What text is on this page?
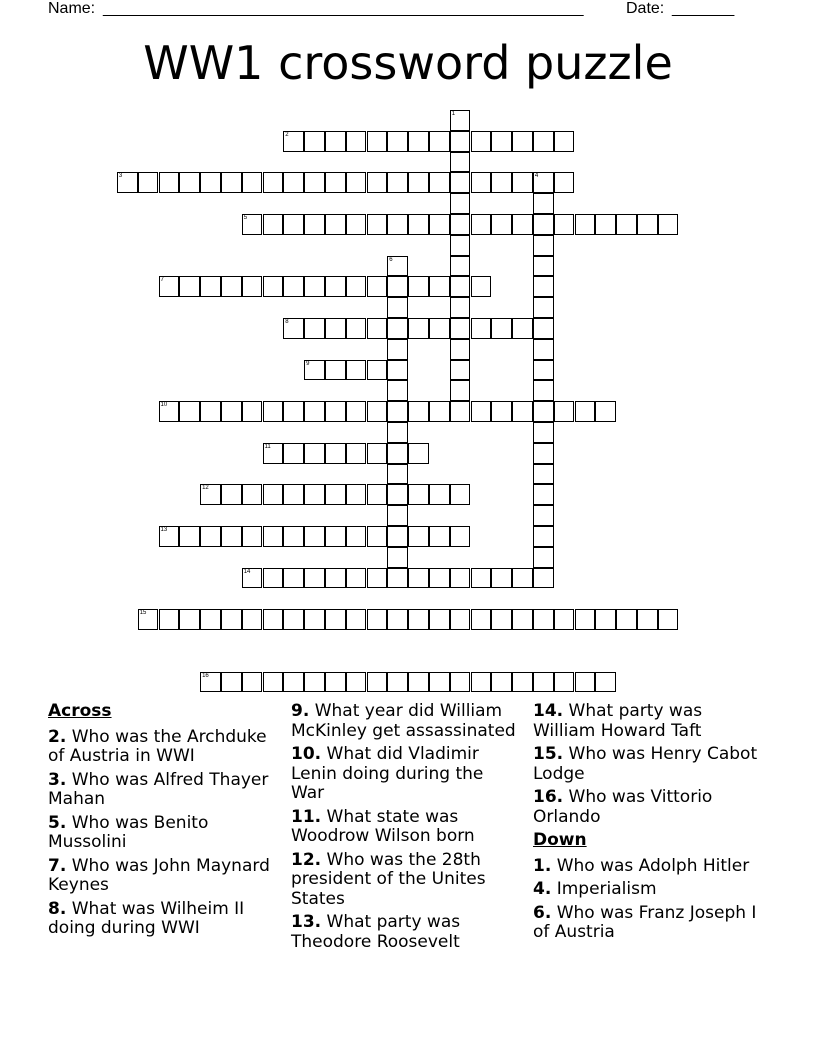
Name: ______________________________________________________	Date: _______
WW1 crossword puzzle
1
2
3	4
5
6
7
8
9
10
11
12
13
14
15
16
Across
2. Who was the Archduke of Austria in WWI
3. Who was Alfred Thayer Mahan
5. Who was Benito Mussolini
7. Who was John Maynard Keynes
8. What was Wilheim II doing during WWI
9. What year did William McKinley get assassinated
10. What did Vladimir Lenin doing during the War
11. What state was Woodrow Wilson born
12. Who was the 28th president of the Unites States
13. What party was Theodore Roosevelt
14. What party was William Howard Taft
15. Who was Henry Cabot Lodge
16. Who was Vittorio Orlando
Down
1. Who was Adolph Hitler
4. Imperialism
6. Who was Franz Joseph I of Austria
